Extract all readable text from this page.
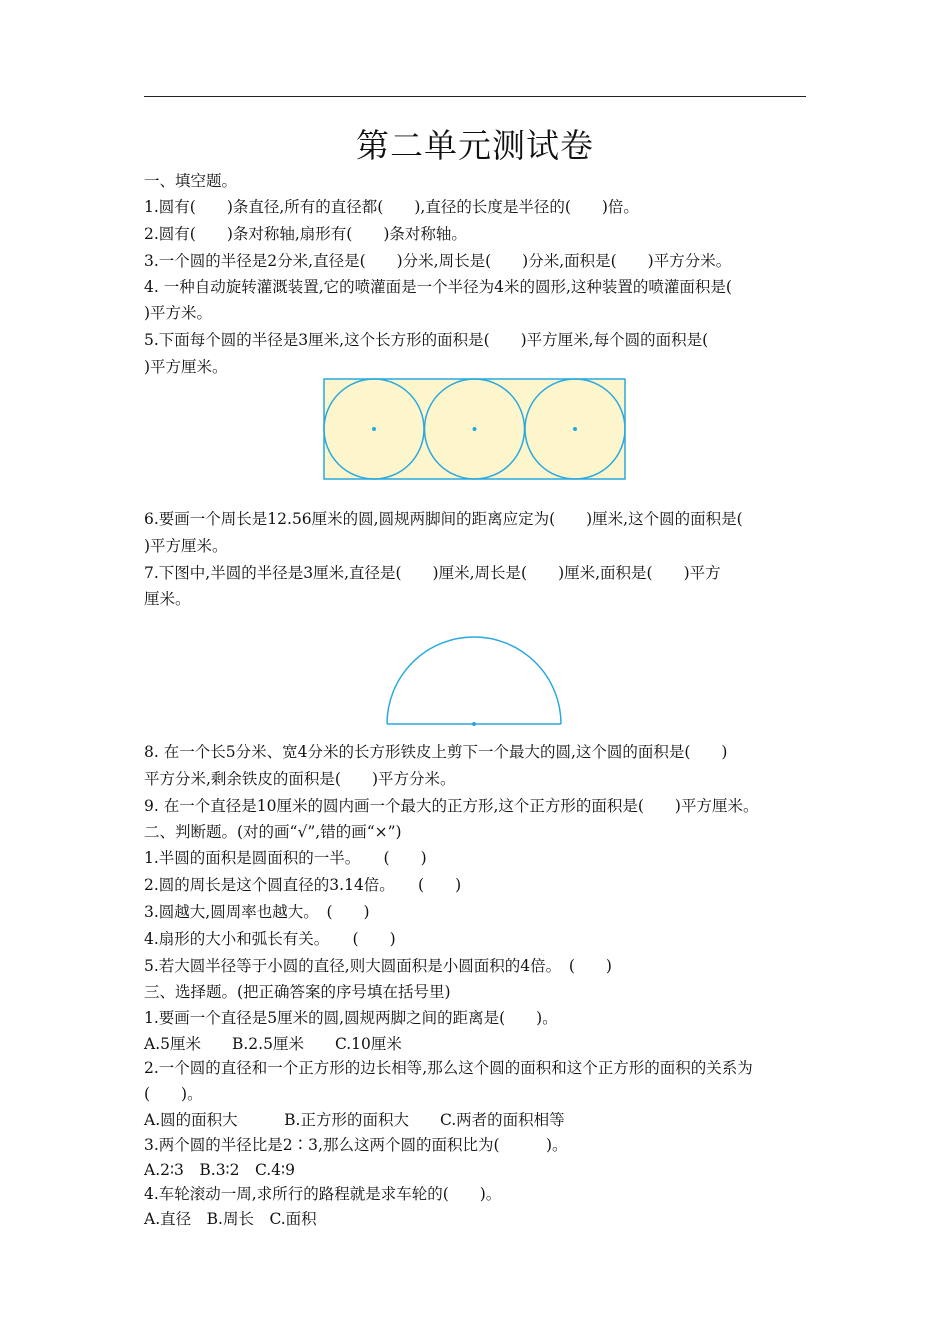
第二单元测试卷
一、填空题。
1.圆有(　　)条直径,所有的直径都(　　),直径的长度是半径的(　　)倍。
2.圆有(　　)条对称轴,扇形有(　　)条对称轴。
3.一个圆的半径是2分米,直径是(　　)分米,周长是(　　)分米,面积是(　　)平方分米。
4. 一种自动旋转灌溉装置,它的喷灌面是一个半径为4米的圆形,这种装置的喷灌面积是(
)平方米。
5.下面每个圆的半径是3厘米,这个长方形的面积是(　　)平方厘米,每个圆的面积是(
)平方厘米。
6.要画一个周长是12.56厘米的圆,圆规两脚间的距离应定为(　　)厘米,这个圆的面积是(
)平方厘米。
7.下图中,半圆的半径是3厘米,直径是(　　)厘米,周长是(　　)厘米,面积是(　　)平方
厘米。
8. 在一个长5分米、宽4分米的长方形铁皮上剪下一个最大的圆,这个圆的面积是(　　)
平方分米,剩余铁皮的面积是(　　)平方分米。
9. 在一个直径是10厘米的圆内画一个最大的正方形,这个正方形的面积是(　　)平方厘米。
二、判断题。(对的画“√”,错的画“×”)
1.半圆的面积是圆面积的一半。　　(　　)
2.圆的周长是这个圆直径的3.14倍。　　(　　)
3.圆越大,圆周率也越大。　(　　)
4.扇形的大小和弧长有关。　　(　　)
5.若大圆半径等于小圆的直径,则大圆面积是小圆面积的4倍。　(　　)
三、选择题。(把正确答案的序号填在括号里)
1.要画一个直径是5厘米的圆,圆规两脚之间的距离是(　　)。
A.5厘米　　B.2.5厘米　　C.10厘米
2.一个圆的直径和一个正方形的边长相等,那么这个圆的面积和这个正方形的面积的关系为
(　　)。
A.圆的面积大　　　B.正方形的面积大　　C.两者的面积相等
3.两个圆的半径比是2∶3,那么这两个圆的面积比为(　　　)。
A.2∶3　B.3∶2　C.4∶9
4.车轮滚动一周,求所行的路程就是求车轮的(　　)。
A.直径　B.周长　C.面积
